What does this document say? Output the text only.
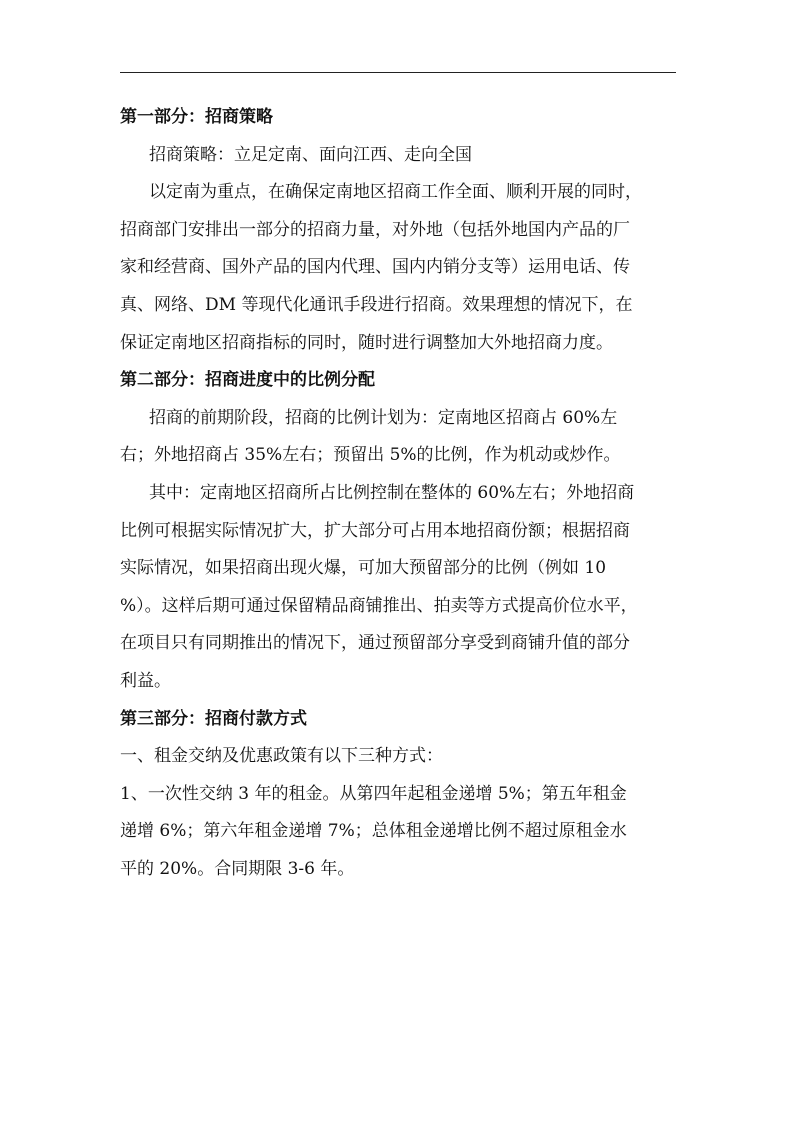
第一部分：招商策略
招商策略：立足定南、面向江西、走向全国
以定南为重点，在确保定南地区招商工作全面、顺利开展的同时，
招商部门安排出一部分的招商力量，对外地（包括外地国内产品的厂
家和经营商、国外产品的国内代理、国内内销分支等）运用电话、传
真、网络、DM 等现代化通讯手段进行招商。效果理想的情况下，在
保证定南地区招商指标的同时，随时进行调整加大外地招商力度。
第二部分：招商进度中的比例分配
招商的前期阶段，招商的比例计划为：定南地区招商占 60%左
右；外地招商占 35%左右；预留出 5%的比例，作为机动或炒作。
其中：定南地区招商所占比例控制在整体的 60%左右；外地招商
比例可根据实际情况扩大，扩大部分可占用本地招商份额；根据招商
实际情况，如果招商出现火爆，可加大预留部分的比例（例如 10
%）。这样后期可通过保留精品商铺推出、拍卖等方式提高价位水平，
在项目只有同期推出的情况下，通过预留部分享受到商铺升值的部分
利益。
第三部分：招商付款方式
一、租金交纳及优惠政策有以下三种方式：
1、一次性交纳 3 年的租金。从第四年起租金递增 5%；第五年租金
递增 6%；第六年租金递增 7%；总体租金递增比例不超过原租金水
平的 20%。合同期限 3-6 年。
